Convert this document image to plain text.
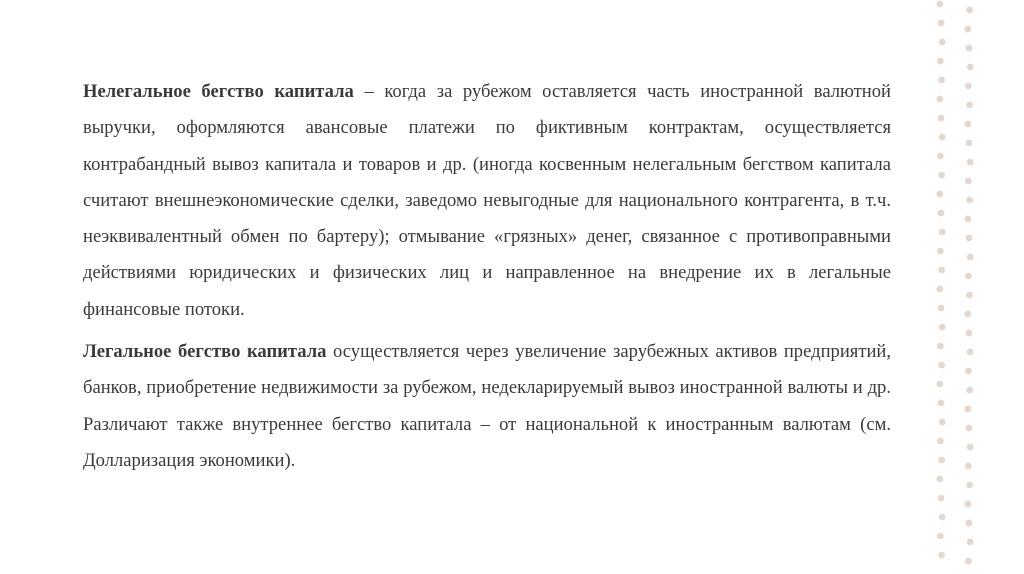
Нелегальное бегство капитала – когда за рубежом оставляется часть иностранной валютной выручки, оформляются авансовые платежи по фиктивным контрактам, осуществляется контрабандный вывоз капитала и товаров и др. (иногда косвенным нелегальным бегством капитала считают внешнеэкономические сделки, заведомо невыгодные для национального контрагента, в т.ч. неэквивалентный обмен по бартеру); отмывание «грязных» денег, связанное с противоправными действиями юридических и физических лиц и направленное на внедрение их в легальные финансовые потоки.

Легальное бегство капитала осуществляется через увеличение зарубежных активов предприятий, банков, приобретение недвижимости за рубежом, недекларируемый вывоз иностранной валюты и др. Различают также внутреннее бегство капитала – от национальной к иностранным валютам (см. Долларизация экономики).
